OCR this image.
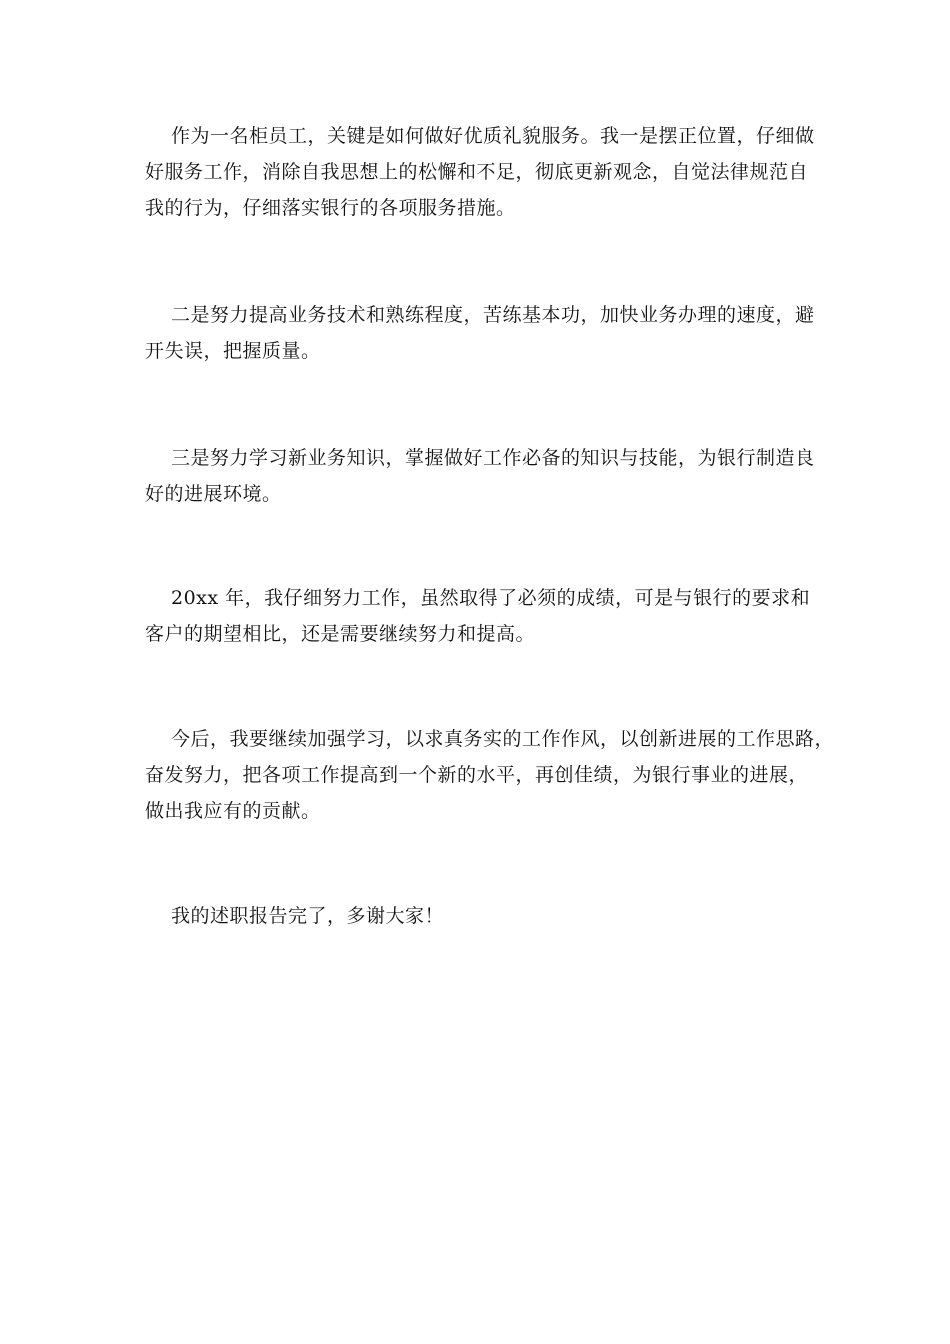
作为一名柜员工，关键是如何做好优质礼貌服务。我一是摆正位置，仔细做
好服务工作，消除自我思想上的松懈和不足，彻底更新观念，自觉法律规范自
我的行为，仔细落实银行的各项服务措施。

二是努力提高业务技术和熟练程度，苦练基本功，加快业务办理的速度，避
开失误，把握质量。

三是努力学习新业务知识，掌握做好工作必备的知识与技能，为银行制造良
好的进展环境。

20xx 年，我仔细努力工作，虽然取得了必须的成绩，可是与银行的要求和
客户的期望相比，还是需要继续努力和提高。

今后，我要继续加强学习，以求真务实的工作作风，以创新进展的工作思路，
奋发努力，把各项工作提高到一个新的水平，再创佳绩，为银行事业的进展，
做出我应有的贡献。

我的述职报告完了，多谢大家！
